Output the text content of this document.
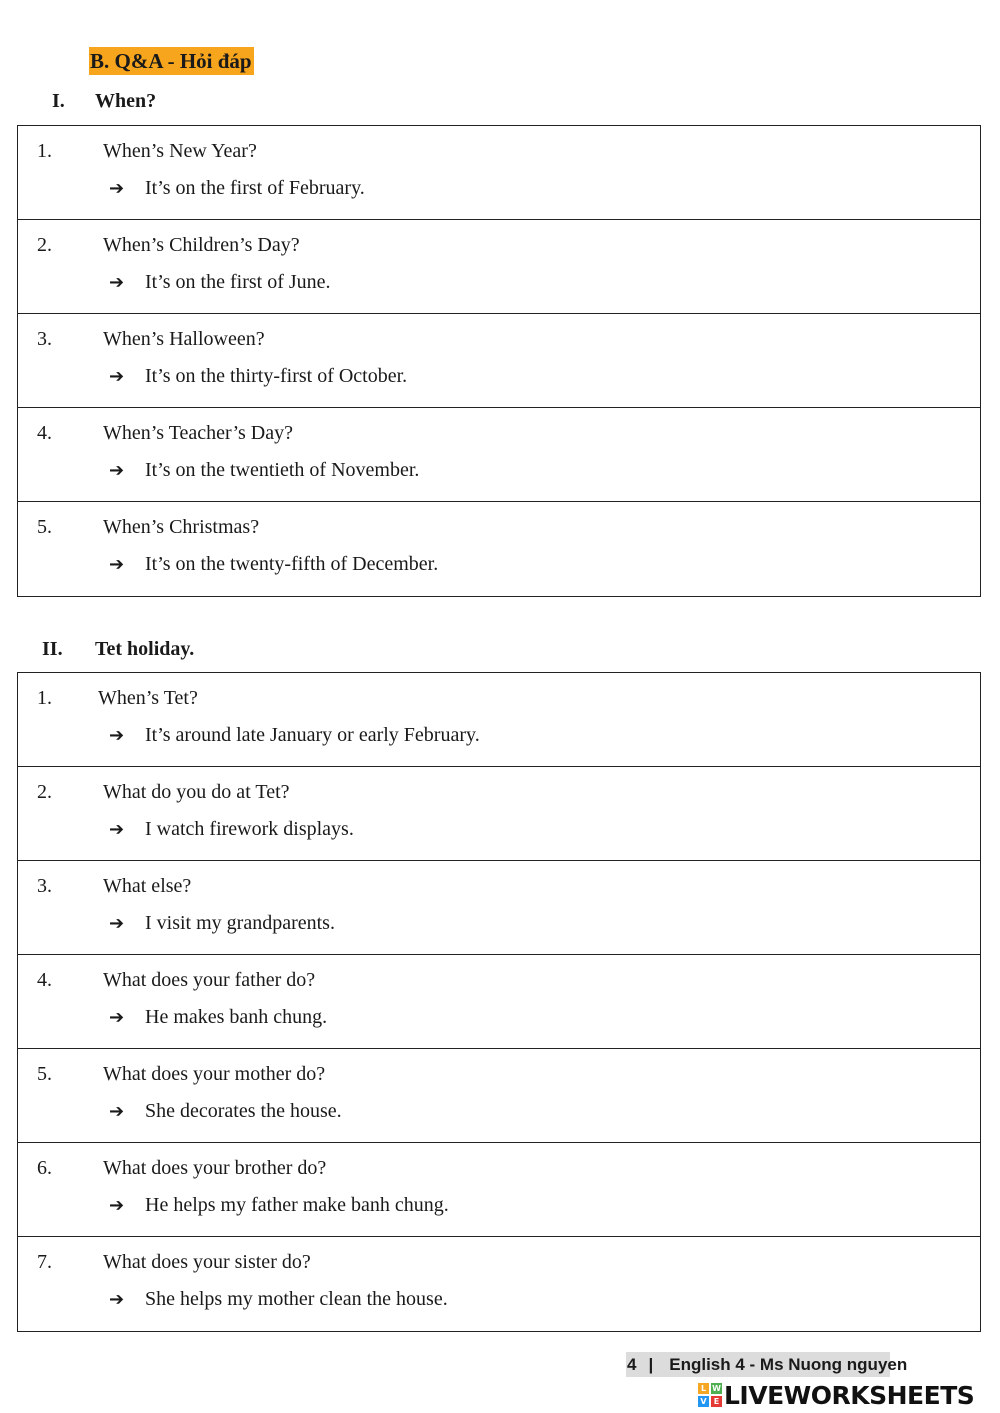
B. Q&A - Hỏi đáp
I. When?
1.	When’s New Year?
➔ It’s on the first of February.
2.	When’s Children’s Day?
➔ It’s on the first of June.
3.	When’s Halloween?
➔ It’s on the thirty-first of October.
4.	When’s Teacher’s Day?
➔ It’s on the twentieth of November.
5.	When’s Christmas?
➔ It’s on the twenty-fifth of December.
II. Tet holiday.
1. When’s Tet?
➔ It’s around late January or early February.
2.	What do you do at Tet?
➔ I watch firework displays.
3.	What else?
➔ I visit my grandparents.
4.	What does your father do?
➔ He makes banh chung.
5.	What does your mother do?
➔ She decorates the house.
6.	What does your brother do?
➔ He helps my father make banh chung.
7.	What does your sister do?
➔ She helps my mother clean the house.
4 | English 4 - Ms Nuong nguyen
L W
V E LIVEWORKSHEETS
